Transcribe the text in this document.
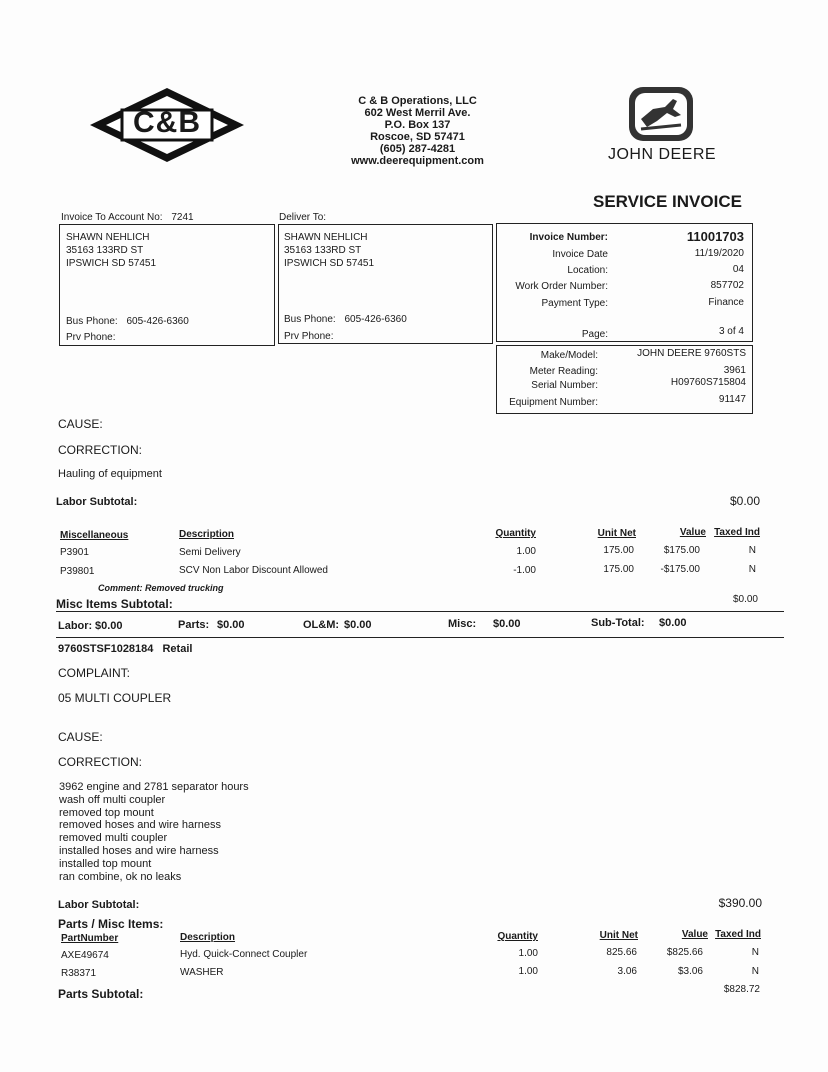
C&B
C & B Operations, LLC
602 West Merril Ave.
P.O. Box 137
Roscoe, SD 57471
(605) 287-4281
www.deerequipment.com	JOHN DEERE
SERVICE INVOICE
Invoice To Account No: 7241	Deliver To:
SHAWN NEHLICH
35163 133RD ST
IPSWICH SD 57451
Bus Phone: 605-426-6360
Prv Phone:
SHAWN NEHLICH
35163 133RD ST
IPSWICH SD 57451
Bus Phone: 605-426-6360
Prv Phone:
Invoice Number:	11001703
Invoice Date	11/19/2020
Location:	04
Work Order Number:	857702
Payment Type:	Finance
Page:	3 of 4
Make/Model:	JOHN DEERE 9760STS
Meter Reading:	3961
Serial Number:	H09760S715804
Equipment Number:	91147
CAUSE:
CORRECTION:
Hauling of equipment
Labor Subtotal:	$0.00
Miscellaneous	Description	Quantity	Unit Net	Value Taxed Ind
P3901	Semi Delivery	1.00	175.00	$175.00	N
P39801	SCV Non Labor Discount Allowed	-1.00	175.00	-$175.00	N
Comment: Removed trucking
Misc Items Subtotal:	$0.00
Labor: $0.00	Parts: $0.00	OL&M: $0.00	Misc: $0.00	Sub-Total: $0.00
9760STSF1028184 Retail
COMPLAINT:
05 MULTI COUPLER
CAUSE:
CORRECTION:
3962 engine and 2781 separator hours
wash off multi coupler
removed top mount
removed hoses and wire harness
removed multi coupler
installed hoses and wire harness
installed top mount
ran combine, ok no leaks
Labor Subtotal:	$390.00
Parts / Misc Items:
PartNumber	Description	Quantity	Unit Net	Value Taxed Ind
AXE49674	Hyd. Quick-Connect Coupler	1.00	825.66	$825.66	N
R38371	WASHER	1.00	3.06	$3.06	N
Parts Subtotal:	$828.72
